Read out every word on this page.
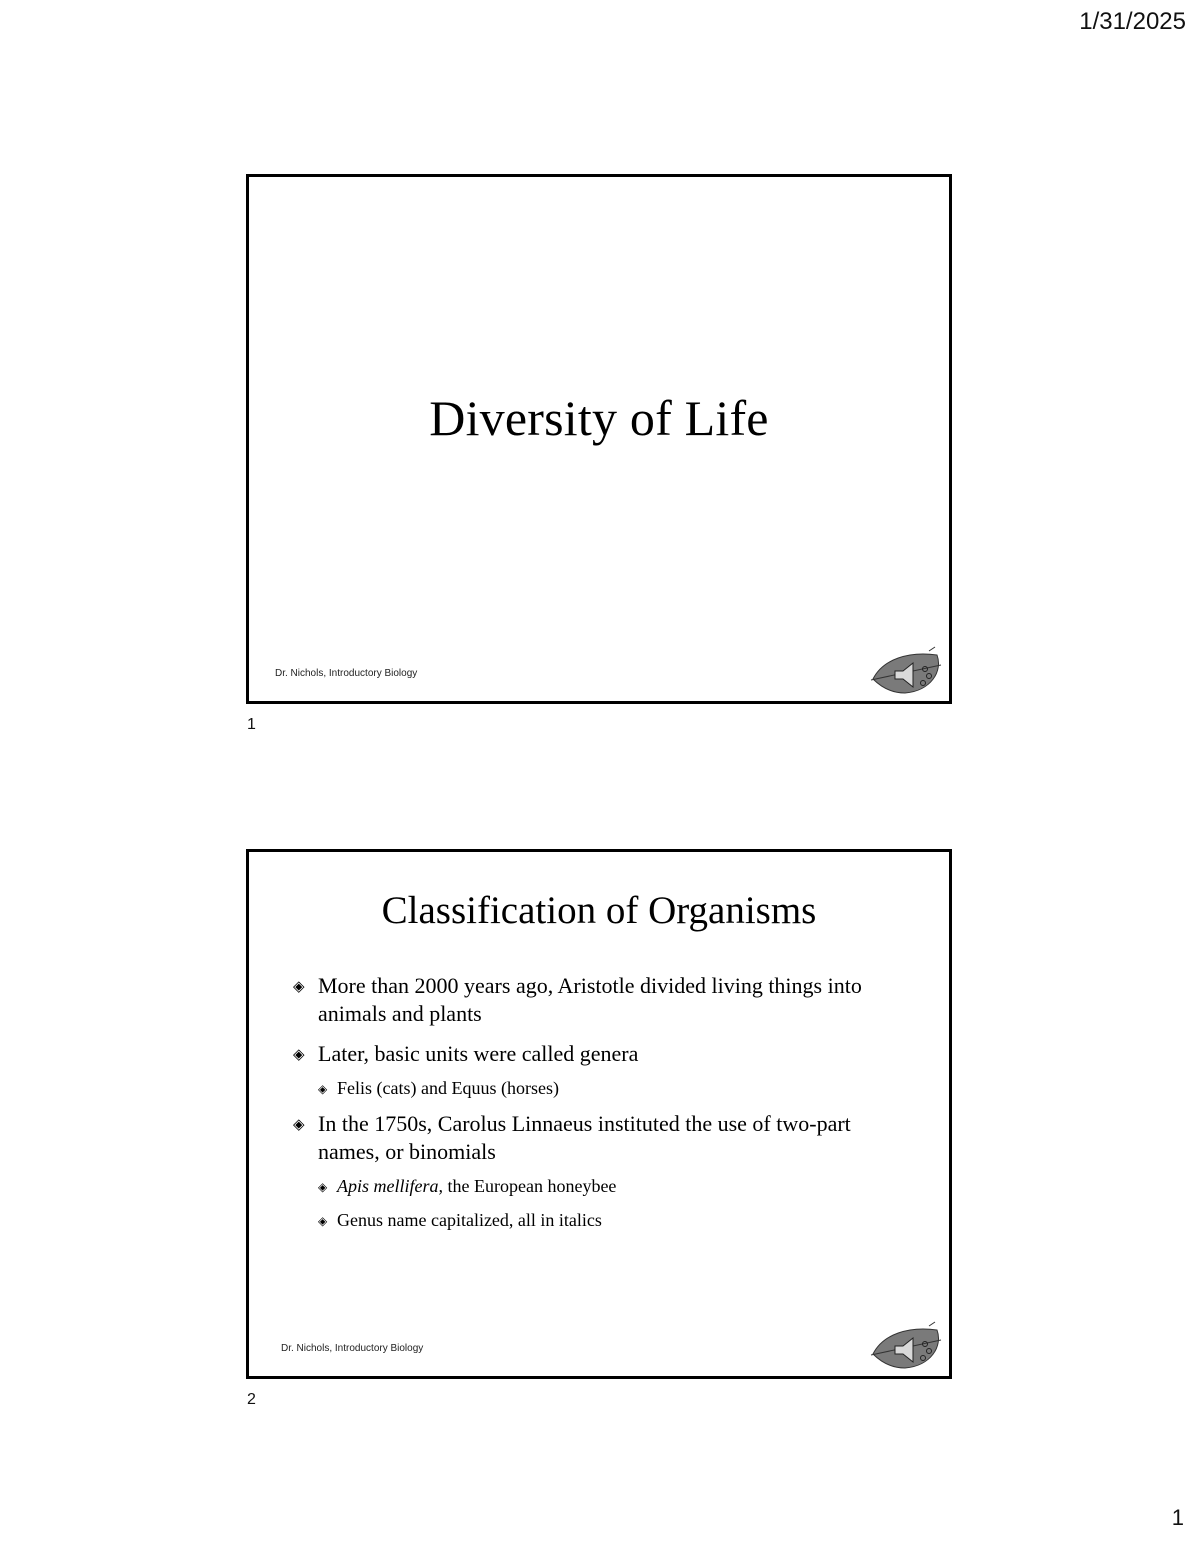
1/31/2025
Diversity of Life
Dr. Nichols, Introductory Biology
1
Classification of Organisms
◈ More than 2000 years ago, Aristotle divided living things into animals and plants
◈ Later, basic units were called genera
◈ Felis (cats) and Equus (horses)
◈ In the 1750s, Carolus Linnaeus instituted the use of two-part names, or binomials
◈ Apis mellifera, the European honeybee
◈ Genus name capitalized, all in italics
Dr. Nichols, Introductory Biology
2
1
